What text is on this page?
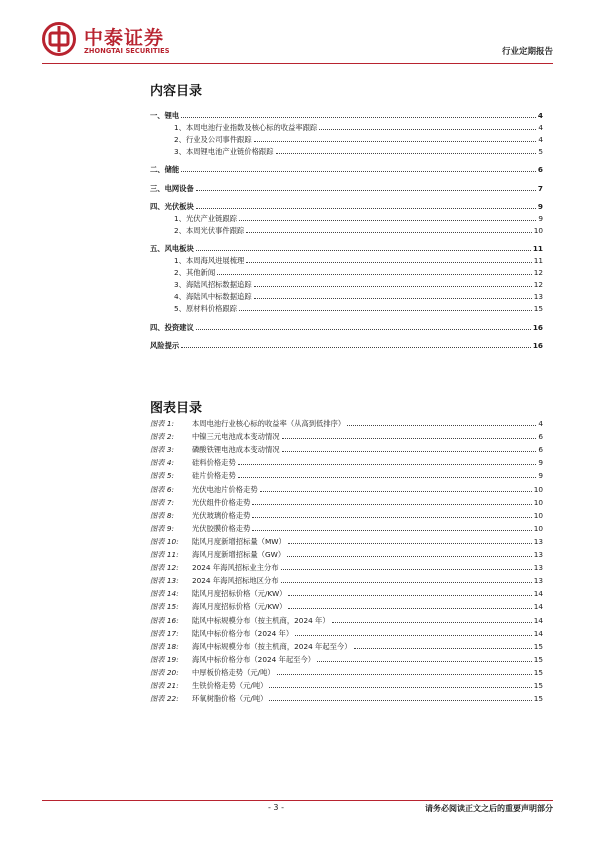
中泰证券
ZHONGTAI SECURITIES	行业定期报告
内容目录
一、锂电	4
1、本周电池行业指数及核心标的收益率跟踪	4
2、行业及公司事件跟踪	4
3、本周锂电池产业链价格跟踪	5
二、储能	6
三、电网设备	7
四、光伏板块	9
1、光伏产业链跟踪	9
2、本周光伏事件跟踪	10
五、风电板块	11
1、本周海风进展梳理	11
2、其他新闻	12
3、海陆风招标数据追踪	12
4、海陆风中标数据追踪	13
5、原材料价格跟踪	15
四、投资建议	16
风险提示	16
图表目录
图表 1:	本周电池行业核心标的收益率（从高到低排序）	4
图表 2:	中镍三元电池成本变动情况	6
图表 3:	磷酸铁锂电池成本变动情况	6
图表 4:	硅料价格走势	9
图表 5:	硅片价格走势	9
图表 6:	光伏电池片价格走势	10
图表 7:	光伏组件价格走势	10
图表 8:	光伏玻璃价格走势	10
图表 9:	光伏胶膜价格走势	10
图表 10:	陆风月度新增招标量（MW）	13
图表 11:	海风月度新增招标量（GW）	13
图表 12:	2024 年海风招标业主分布	13
图表 13:	2024 年海风招标地区分布	13
图表 14:	陆风月度招标价格（元/KW）	14
图表 15:	海风月度招标价格（元/KW）	14
图表 16:	陆风中标规模分布（按主机商，2024 年）	14
图表 17:	陆风中标价格分布（2024 年）	14
图表 18:	海风中标规模分布（按主机商，2024 年起至今）	15
图表 19:	海风中标价格分布（2024 年起至今）	15
图表 20:	中厚板价格走势（元/吨）	15
图表 21:	生铁价格走势（元/吨）	15
图表 22:	环氧树脂价格（元/吨）	15
- 3 -	请务必阅读正文之后的重要声明部分
